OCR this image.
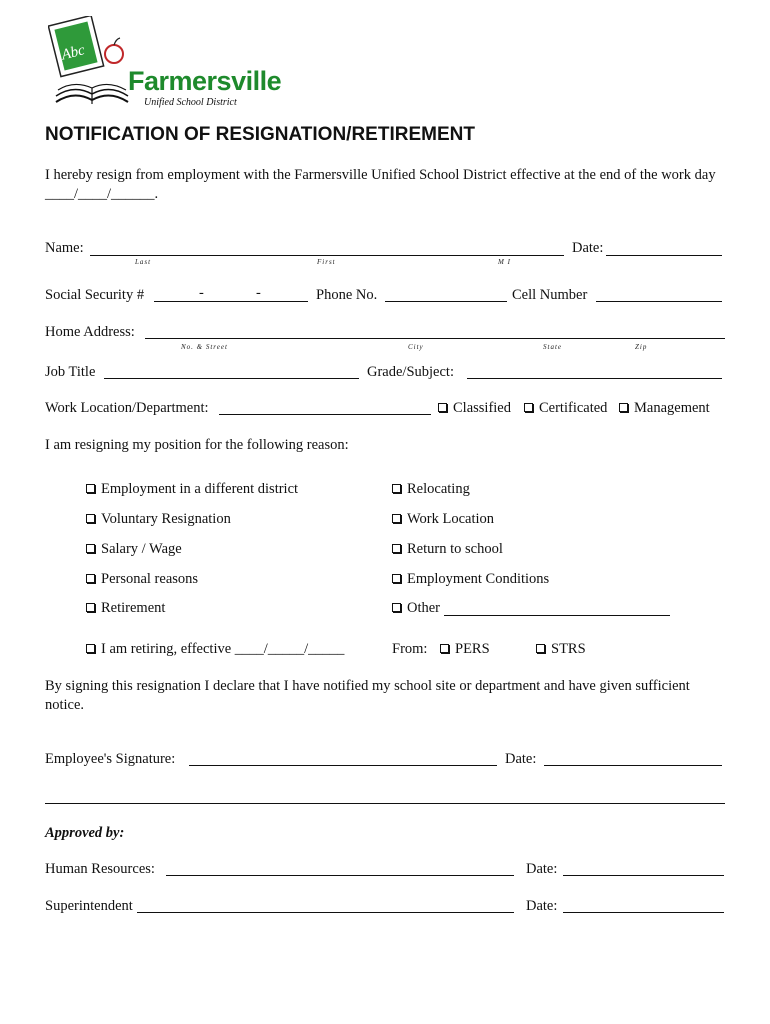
Abc
Farmersville
Unified School District
NOTIFICATION OF RESIGNATION/RETIREMENT
I hereby resign from employment with the Farmersville Unified School District effective at the end of the work day
____/____/______.
Name:	Date:
Last	First	M I
Social Security #	-	-	Phone No.	Cell Number
Home Address:
No. & Street	City	State	Zip
Job Title	Grade/Subject:
Work Location/Department:	Classified	Certificated	Management
I am resigning my position for the following reason:
Employment in a different district
Voluntary Resignation
Salary / Wage
Personal reasons
Retirement
Relocating
Work Location
Return to school
Employment Conditions
Other
I am retiring, effective ____/_____/_____	From:	PERS	STRS
By signing this resignation I declare that I have notified my school site or department and have given sufficient
notice.
Employee's Signature:	Date:
Approved by:
Human Resources:	Date:
Superintendent	Date:
